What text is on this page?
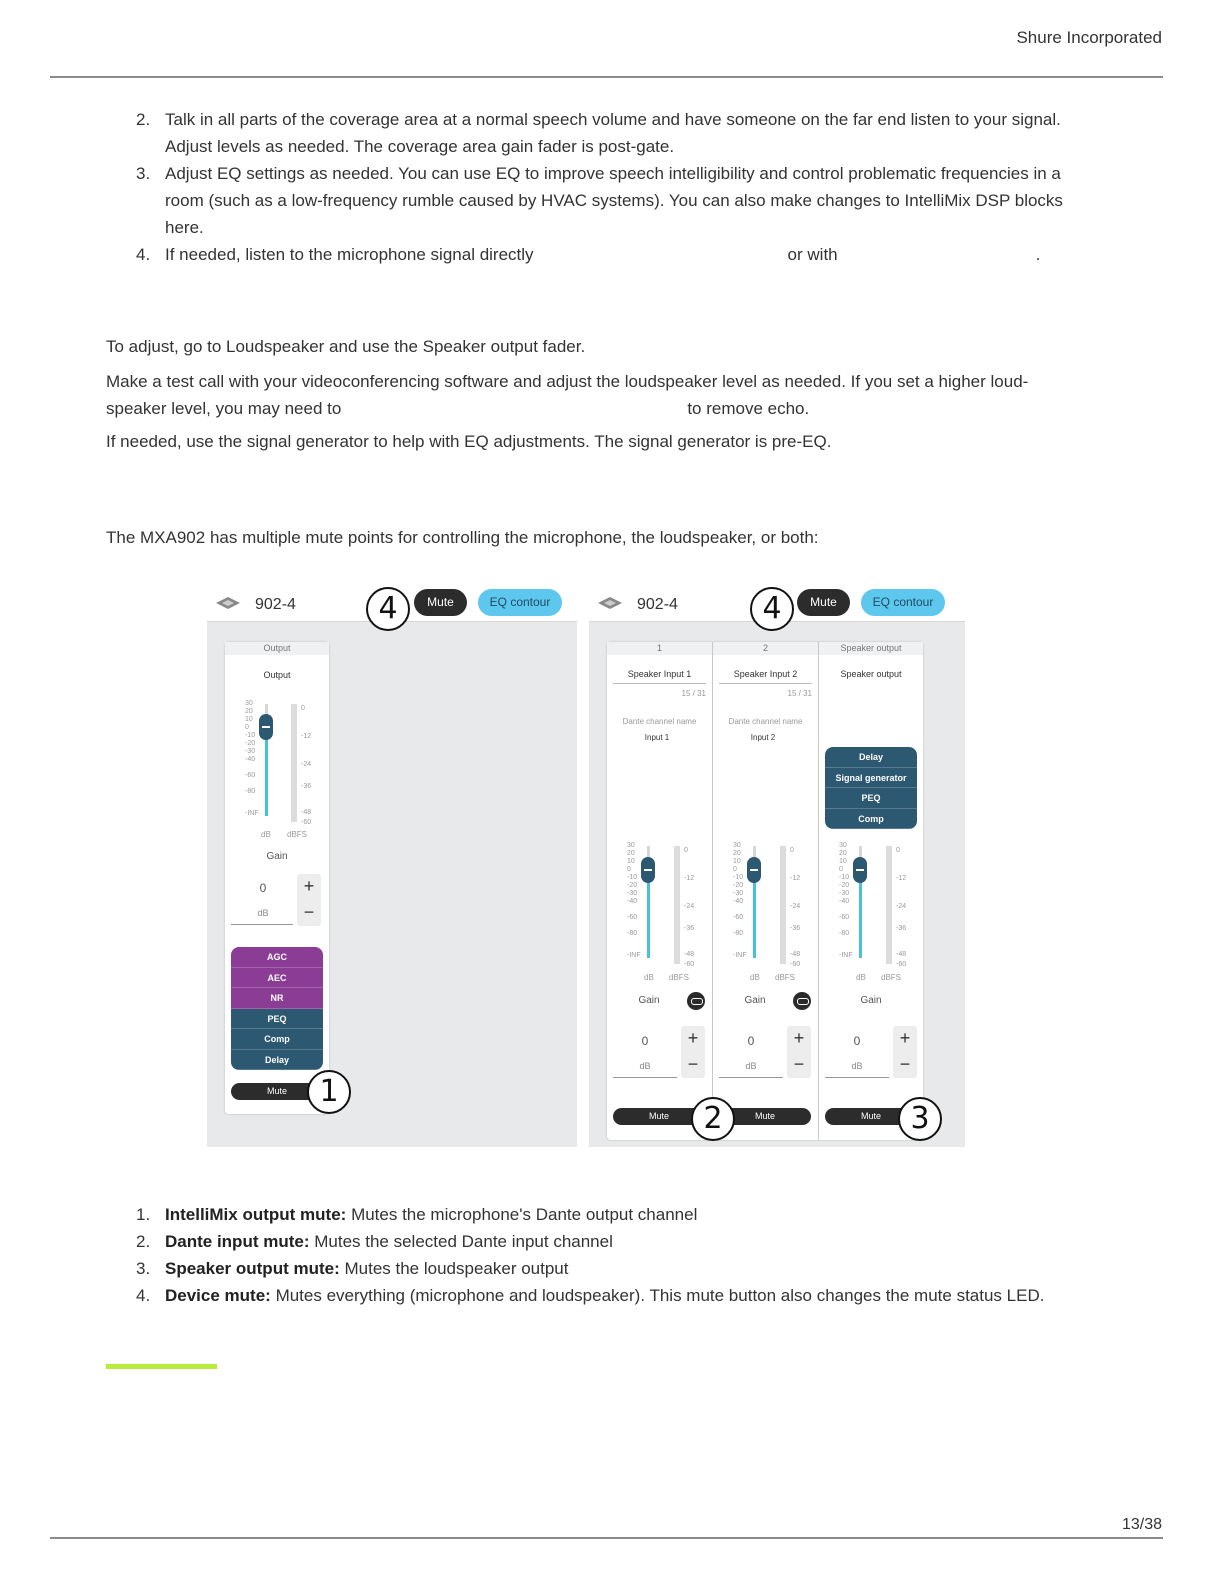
Shure Incorporated
2. Talk in all parts of the coverage area at a normal speech volume and have someone on the far end listen to your signal.
Adjust levels as needed. The coverage area gain fader is post-gate.
3. Adjust EQ settings as needed. You can use EQ to improve speech intelligibility and control problematic frequencies in a
room (such as a low-frequency rumble caused by HVAC systems). You can also make changes to IntelliMix DSP blocks
here.
4. If needed, listen to the microphone signal directly	or with	.
To adjust, go to Loudspeaker and use the Speaker output fader.
Make a test call with your videoconferencing software and adjust the loudspeaker level as needed. If you set a higher loud-
speaker level, you may need to	to remove echo.
If needed, use the signal generator to help with EQ adjustments. The signal generator is pre-EQ.
The MXA902 has multiple mute points for controlling the microphone, the loudspeaker, or both:
902-4	Mute	EQ contour
Output
Output
30
20
10
0
-10
-20
-30
-40
-60
-80
-INF
0
-12
-24
-36
-48
-60
dB dBFS
Gain
0
dB
+
−
AGC
AEC
NR
PEQ
Comp
Delay
Mute
902-4	Mute	EQ contour
1
Speaker Input 1
15 / 31
Dante channel name
Input 1
30
20
10
0
-10
-20
-30
-40
-60
-80
-INF
0
-12
-24
-36
-48
-60
dB dBFS
Gain
0
dB
+
−
Mute
2
Speaker Input 2
15 / 31
Dante channel name
Input 2
30
20
10
0
-10
-20
-30
-40
-60
-80
-INF
0
-12
-24
-36
-48
-60
dB dBFS
Gain
0
dB
+
−
Mute
Speaker output
Speaker output
Delay
Signal generator
PEQ
Comp
30
20
10
0
-10
-20
-30
-40
-60
-80
-INF
0
-12
-24
-36
-48
-60
dB dBFS
Gain
0
dB
+
−
Mute
4	4
1
2	3
1. IntelliMix output mute: Mutes the microphone's Dante output channel
2. Dante input mute: Mutes the selected Dante input channel
3. Speaker output mute: Mutes the loudspeaker output
4. Device mute: Mutes everything (microphone and loudspeaker). This mute button also changes the mute status LED.
13/38
